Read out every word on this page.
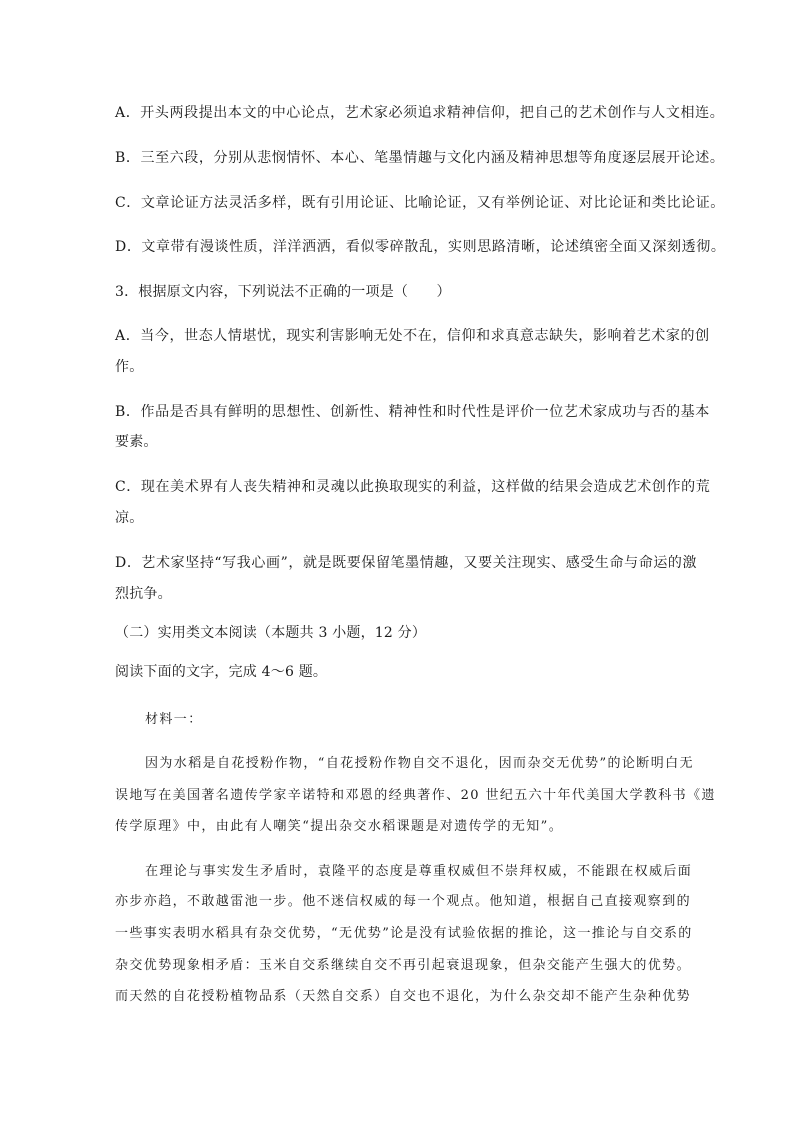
A．开头两段提出本文的中心论点，艺术家必须追求精神信仰，把自己的艺术创作与人文相连。
B．三至六段，分别从悲悯情怀、本心、笔墨情趣与文化内涵及精神思想等角度逐层展开论述。
C．文章论证方法灵活多样，既有引用论证、比喻论证，又有举例论证、对比论证和类比论证。
D．文章带有漫谈性质，洋洋洒洒，看似零碎散乱，实则思路清晰，论述缜密全面又深刻透彻。
3．根据原文内容，下列说法不正确的一项是（　　）
A．当今，世态人情堪忧，现实利害影响无处不在，信仰和求真意志缺失，影响着艺术家的创
作。
B．作品是否具有鲜明的思想性、创新性、精神性和时代性是评价一位艺术家成功与否的基本
要素。
C．现在美术界有人丧失精神和灵魂以此换取现实的利益，这样做的结果会造成艺术创作的荒
凉。
D．艺术家坚持“写我心画”，就是既要保留笔墨情趣，又要关注现实、感受生命与命运的激
烈抗争。
（二）实用类文本阅读（本题共 3 小题，12 分）
阅读下面的文字，完成 4～6 题。
材料一：
因为水稻是自花授粉作物，“自花授粉作物自交不退化，因而杂交无优势”的论断明白无
误地写在美国著名遗传学家辛诺特和邓恩的经典著作、20 世纪五六十年代美国大学教科书《遗
传学原理》中，由此有人嘲笑“提出杂交水稻课题是对遗传学的无知”。
在理论与事实发生矛盾时，袁隆平的态度是尊重权威但不崇拜权威，不能跟在权威后面
亦步亦趋，不敢越雷池一步。他不迷信权威的每一个观点。他知道，根据自己直接观察到的
一些事实表明水稻具有杂交优势，“无优势”论是没有试验依据的推论，这一推论与自交系的
杂交优势现象相矛盾：玉米自交系继续自交不再引起衰退现象，但杂交能产生强大的优势。
而天然的自花授粉植物品系（天然自交系）自交也不退化，为什么杂交却不能产生杂种优势
